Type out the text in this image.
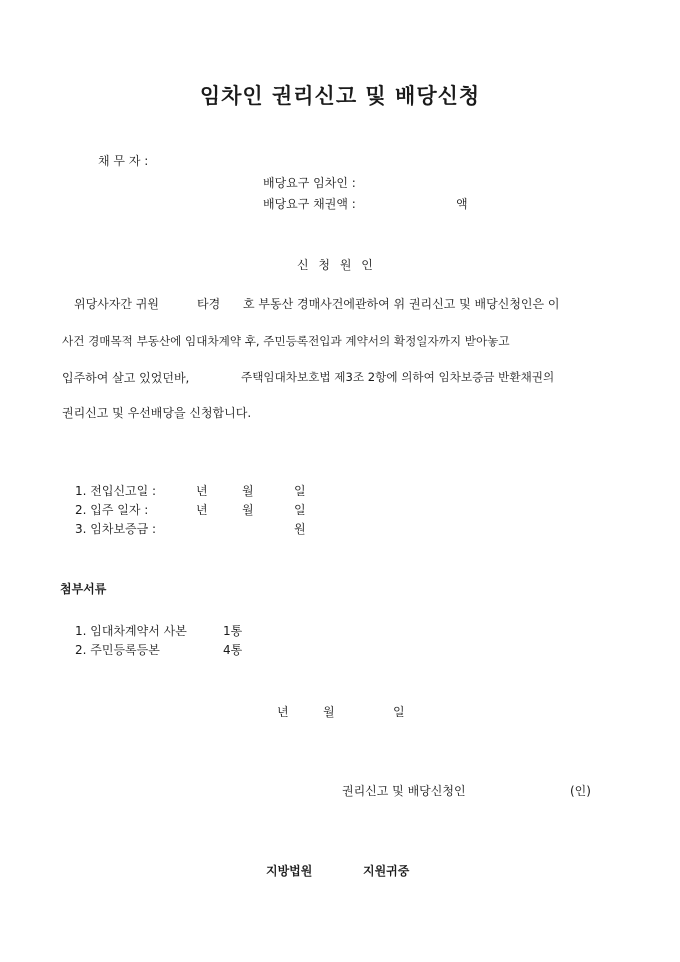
임차인 권리신고 및 배당신청
채 무 자 :
배당요구 임차인 :
배당요구 채권액 :	액
신 청 원 인
위당사자간 귀원	타경 호 부동산 경매사건에관하여 위 권리신고 및 배당신청인은 이
사건 경매목적 부동산에 임대차계약 후, 주민등록전입과 계약서의 확정일자까지 받아놓고
입주하여 살고 있었던바,	주택임대차보호법 제3조 2항에 의하여 임차보증금 반환채권의
권리신고 및 우선배당을 신청합니다.
1. 전입신고일 :	년	월	일
2. 입주 일자 :	년	월	일
3. 임차보증금 :	원
첨부서류
1. 임대차계약서 사본	1통
2. 주민등록등본	4통
년	월	일
권리신고 및 배당신청인	(인)
지방법원	지원귀중
